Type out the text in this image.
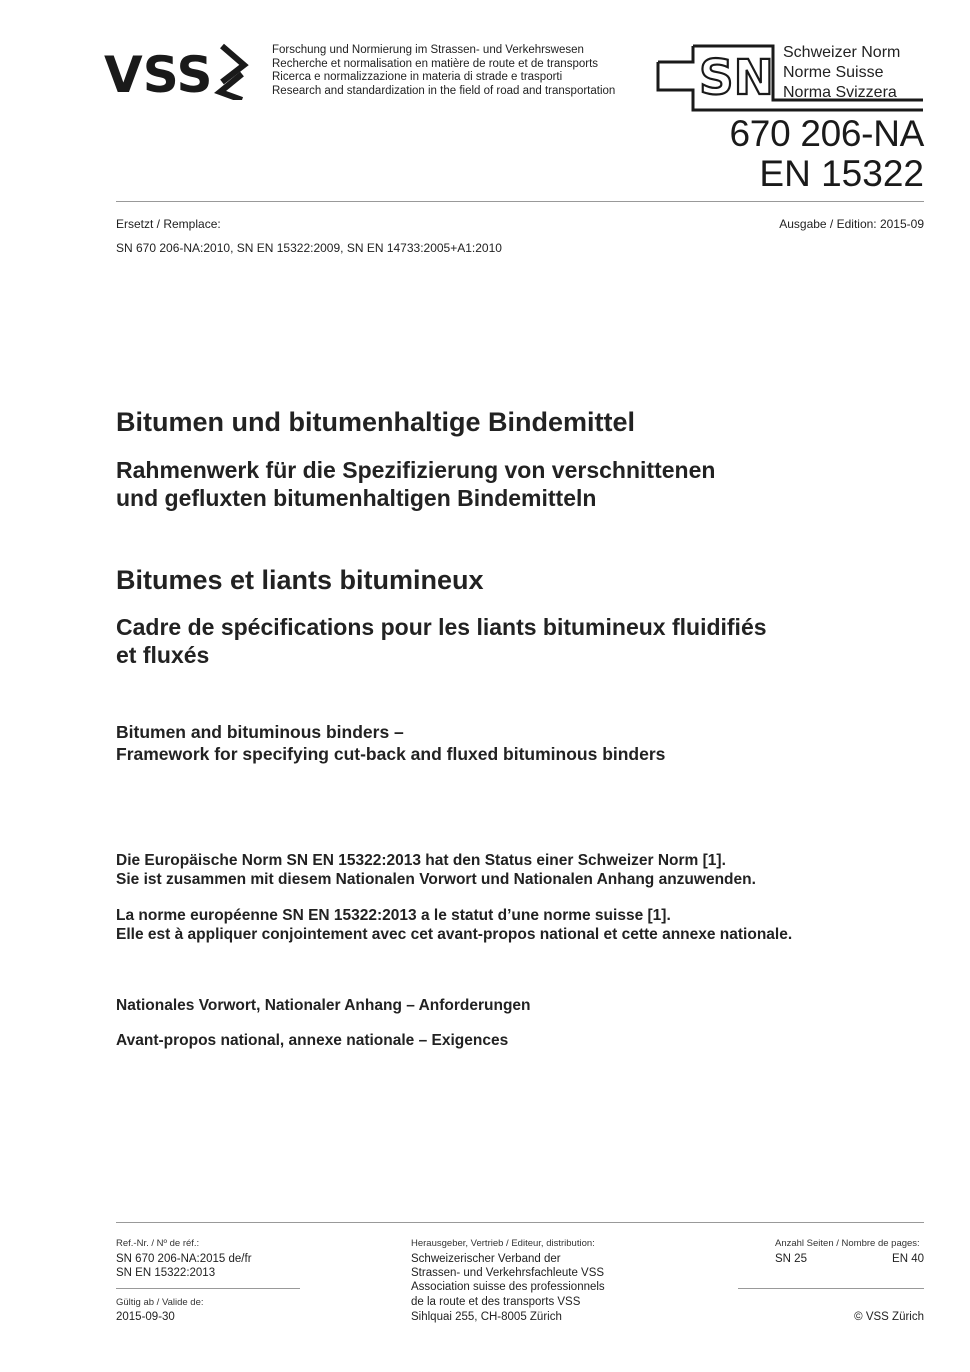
VSS	Forschung und Normierung im Strassen- und Verkehrswesen
Recherche et normalisation en matière de route et de transports
Ricerca e normalizzazione in materia di strade e trasporti
Research and standardization in the field of road and transportation SN Schweizer Norm
Norme Suisse
Norma Svizzera
670 206-NA
EN 15322
Ersetzt / Remplace:	Ausgabe / Edition: 2015-09
SN 670 206-NA:2010, SN EN 15322:2009, SN EN 14733:2005+A1:2010
Bitumen und bitumenhaltige Bindemittel
Rahmenwerk für die Spezifizierung von verschnittenen
und gefluxten bitumenhaltigen Bindemitteln
Bitumes et liants bitumineux
Cadre de spécifications pour les liants bitumineux fluidifiés
et fluxés
Bitumen and bituminous binders –
Framework for specifying cut-back and fluxed bituminous binders
Die Europäische Norm SN EN 15322:2013 hat den Status einer Schweizer Norm [1].
Sie ist zusammen mit diesem Nationalen Vorwort und Nationalen Anhang anzuwenden.
La norme européenne SN EN 15322:2013 a le statut d’une norme suisse [1].
Elle est à appliquer conjointement avec cet avant-propos national et cette annexe nationale.
Nationales Vorwort, Nationaler Anhang – Anforderungen
Avant-propos national, annexe nationale – Exigences
Ref.-Nr. / Nº de réf.:
SN 670 206-NA:2015 de/fr
SN EN 15322:2013
Gültig ab / Valide de:
2015-09-30
Herausgeber, Vertrieb / Editeur, distribution:
Schweizerischer Verband der
Strassen- und Verkehrsfachleute VSS
Association suisse des professionnels
de la route et des transports VSS
Sihlquai 255, CH-8005 Zürich
Anzahl Seiten / Nombre de pages:
SN 25	EN 40
© VSS Zürich
